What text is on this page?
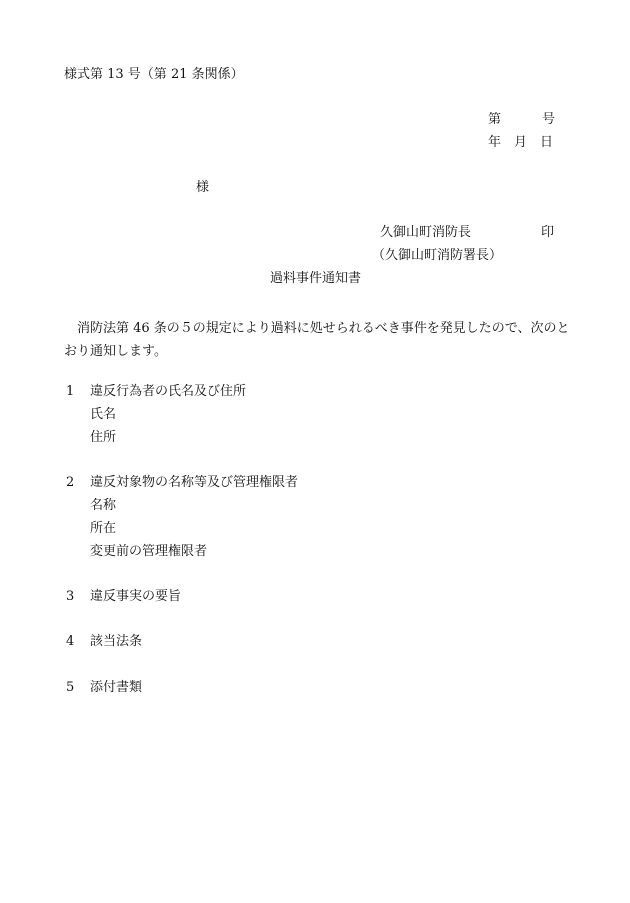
様式第 13 号（第 21 条関係）
第	号
年 月 日
様
久御山町消防長	印
（久御山町消防署長）
過料事件通知書
消防法第 46 条の５の規定により過料に処せられるべき事件を発見したので、次のとおり通知します。
1 違反行為者の氏名及び住所
氏名
住所
2 違反対象物の名称等及び管理権限者
名称
所在
変更前の管理権限者
3 違反事実の要旨
4 該当法条
5 添付書類
